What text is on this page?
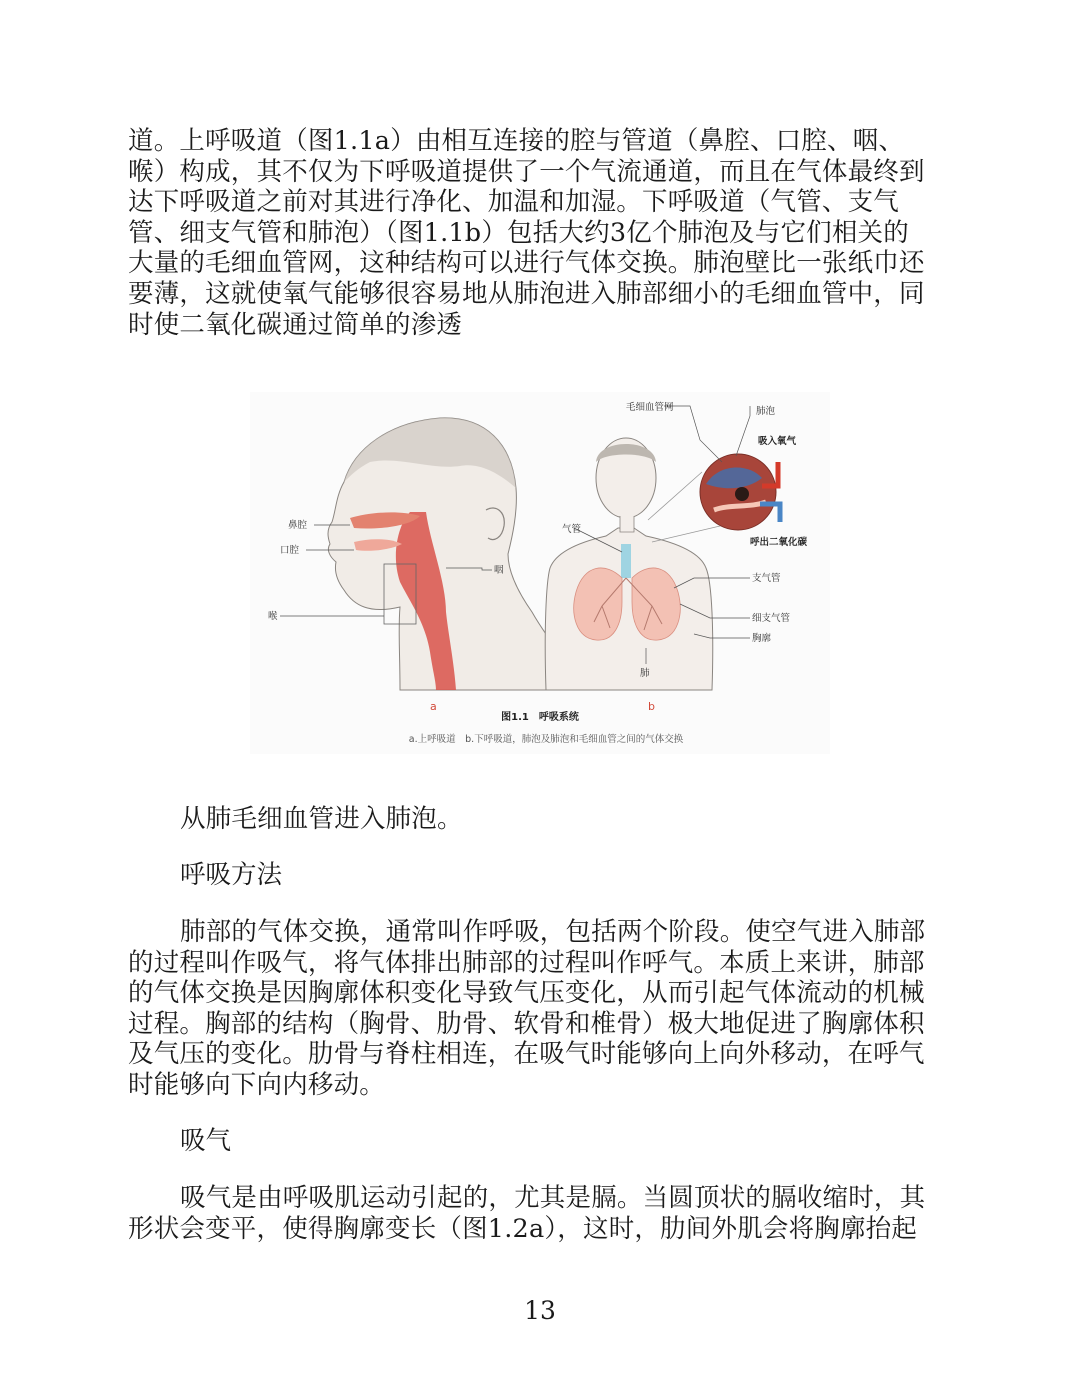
道。上呼吸道（图1.1a）由相互连接的腔与管道（鼻腔、口腔、咽、
喉）构成，其不仅为下呼吸道提供了一个气流通道，而且在气体最终到
达下呼吸道之前对其进行净化、加温和加湿。下呼吸道（气管、支气
管、细支气管和肺泡）（图1.1b）包括大约3亿个肺泡及与它们相关的
大量的毛细血管网，这种结构可以进行气体交换。肺泡壁比一张纸巾还
要薄，这就使氧气能够很容易地从肺泡进入肺部细小的毛细血管中，同
时使二氧化碳通过简单的渗透
鼻腔
口腔
咽
喉
a
毛细血管网	肺泡
吸入氧气
呼出二氧化碳
气管
支气管
细支气管
胸廓
肺
b
图1.1　呼吸系统
a.上呼吸道　b.下呼吸道，肺泡及肺泡和毛细血管之间的气体交换
从肺毛细血管进入肺泡。
呼吸方法
肺部的气体交换，通常叫作呼吸，包括两个阶段。使空气进入肺部
的过程叫作吸气，将气体排出肺部的过程叫作呼气。本质上来讲，肺部
的气体交换是因胸廓体积变化导致气压变化，从而引起气体流动的机械
过程。胸部的结构（胸骨、肋骨、软骨和椎骨）极大地促进了胸廓体积
及气压的变化。肋骨与脊柱相连，在吸气时能够向上向外移动，在呼气
时能够向下向内移动。
吸气
吸气是由呼吸肌运动引起的，尤其是膈。当圆顶状的膈收缩时，其
形状会变平，使得胸廓变长（图1.2a），这时，肋间外肌会将胸廓抬起
13
